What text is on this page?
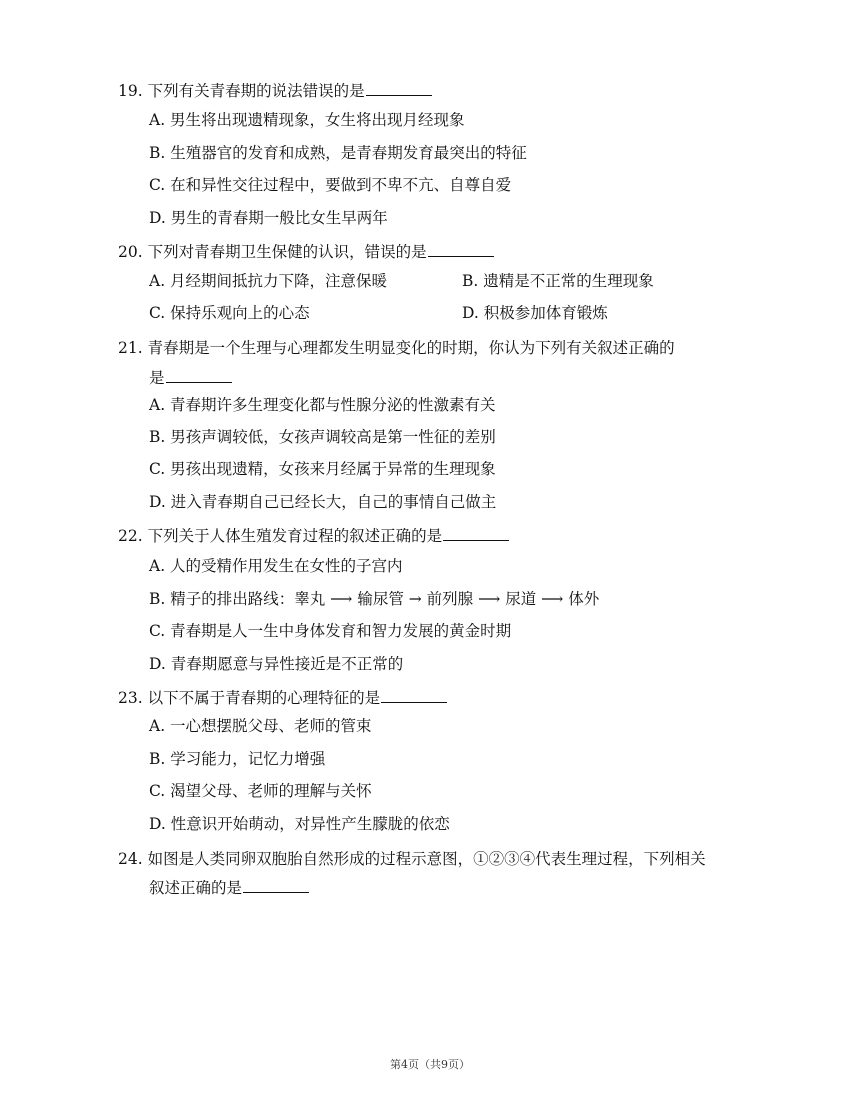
19. 下列有关青春期的说法错误的是
A. 男生将出现遗精现象，女生将出现月经现象
B. 生殖器官的发育和成熟，是青春期发育最突出的特征
C. 在和异性交往过程中，要做到不卑不亢、自尊自爱
D. 男生的青春期一般比女生早两年
20. 下列对青春期卫生保健的认识，错误的是
A. 月经期间抵抗力下降，注意保暖	B. 遗精是不正常的生理现象
C. 保持乐观向上的心态	D. 积极参加体育锻炼
21. 青春期是一个生理与心理都发生明显变化的时期，你认为下列有关叙述正确的
是
A. 青春期许多生理变化都与性腺分泌的性激素有关
B. 男孩声调较低，女孩声调较高是第一性征的差别
C. 男孩出现遗精，女孩来月经属于异常的生理现象
D. 进入青春期自己已经长大，自己的事情自己做主
22. 下列关于人体生殖发育过程的叙述正确的是
A. 人的受精作用发生在女性的子宫内
B. 精子的排出路线：睾丸 ⟶ 输尿管 → 前列腺 ⟶ 尿道 ⟶ 体外
C. 青春期是人一生中身体发育和智力发展的黄金时期
D. 青春期愿意与异性接近是不正常的
23. 以下不属于青春期的心理特征的是
A. 一心想摆脱父母、老师的管束
B. 学习能力，记忆力增强
C. 渴望父母、老师的理解与关怀
D. 性意识开始萌动，对异性产生朦胧的依恋
24. 如图是人类同卵双胞胎自然形成的过程示意图，①②③④代表生理过程，下列相关
叙述正确的是
第4页（共9页）
